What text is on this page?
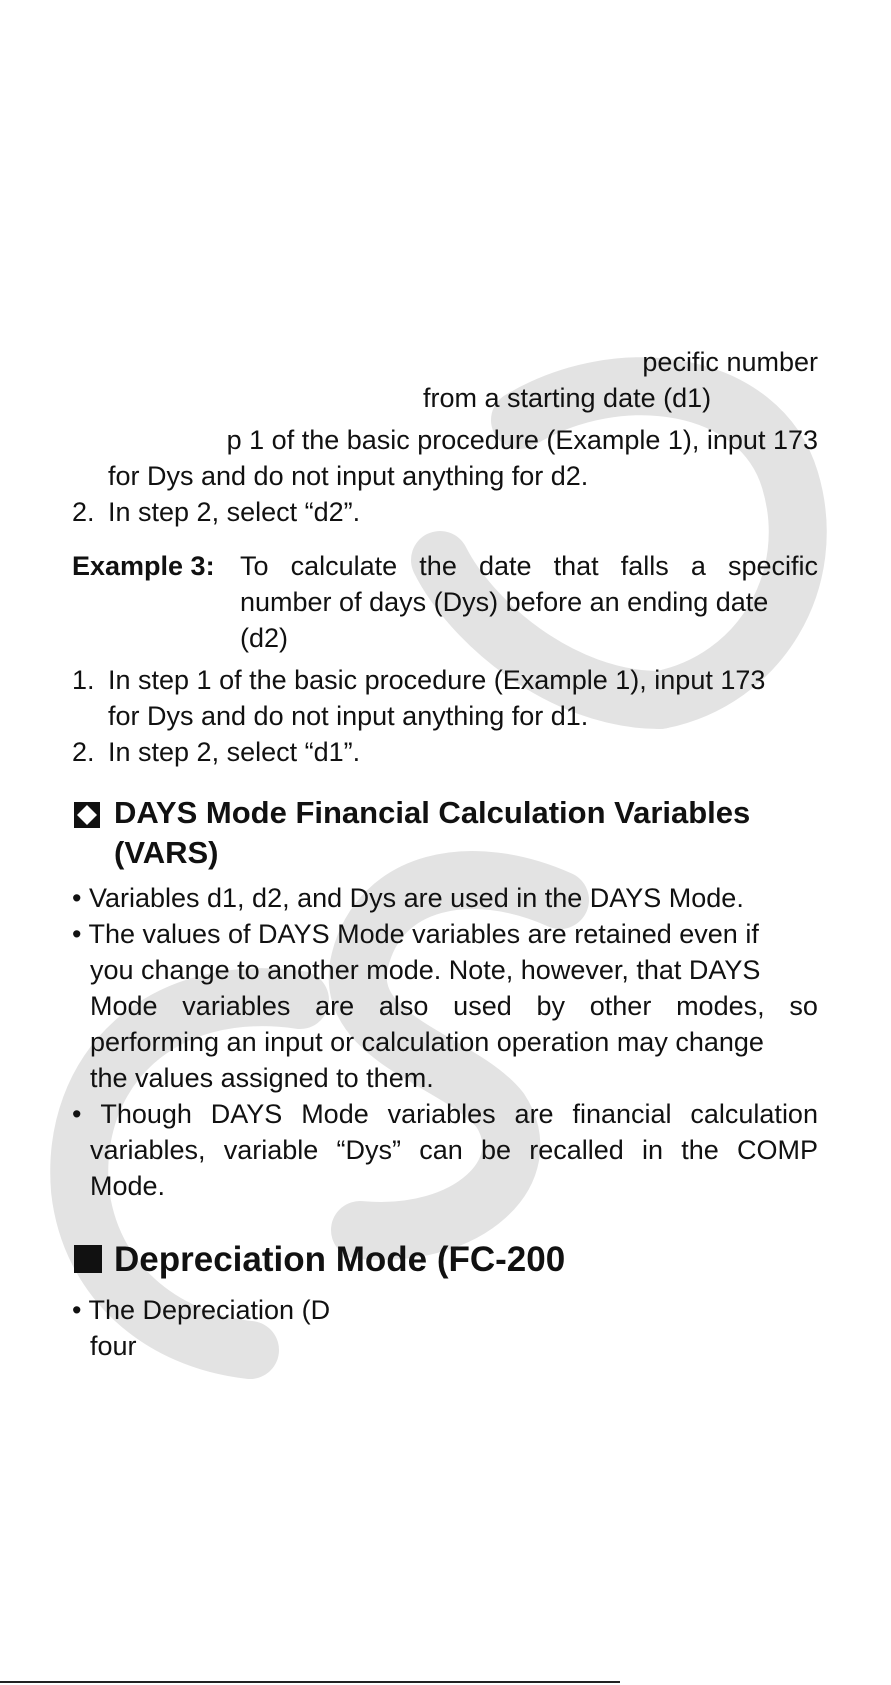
pecific number
from a starting date (d1)
p 1 of the basic procedure (Example 1), input 173
for Dys and do not input anything for d2.
2. In step 2, select “d2”.
Example 3: To calculate the date that falls a specific
number of days (Dys) before an ending date
(d2)
1. In step 1 of the basic procedure (Example 1), input 173
for Dys and do not input anything for d1.
2. In step 2, select “d1”.
DAYS Mode Financial Calculation Variables
(VARS)
• Variables d1, d2, and Dys are used in the DAYS Mode.
• The values of DAYS Mode variables are retained even if
you change to another mode. Note, however, that DAYS
Mode variables are also used by other modes, so
performing an input or calculation operation may change
the values assigned to them.
• Though DAYS Mode variables are financial calculation
variables, variable “Dys” can be recalled in the COMP
Mode.
Depreciation Mode (FC-200
• The Depreciation (D
four
